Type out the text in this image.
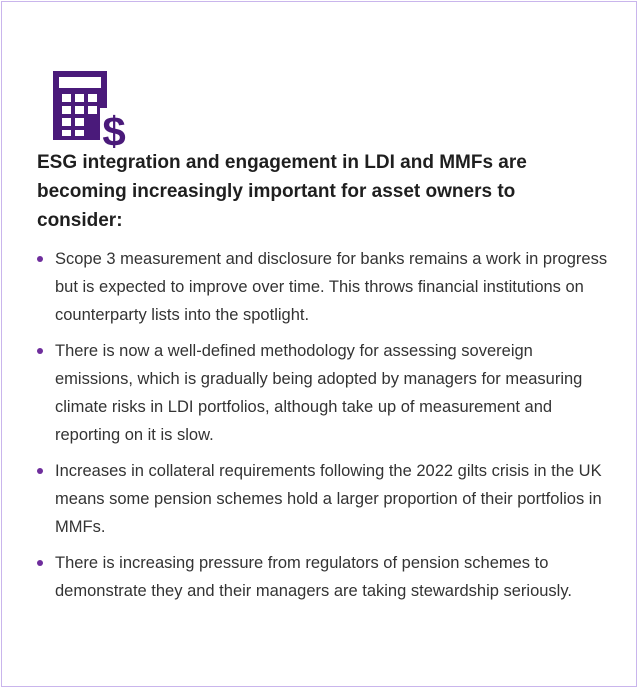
$
ESG integration and engagement in LDI and MMFs are becoming increasingly important for asset owners to consider:
Scope 3 measurement and disclosure for banks remains a work in progress but is expected to improve over time. This throws financial institutions on counterparty lists into the spotlight.
There is now a well-defined methodology for assessing sovereign emissions, which is gradually being adopted by managers for measuring climate risks in LDI portfolios, although take up of measurement and reporting on it is slow.
Increases in collateral requirements following the 2022 gilts crisis in the UK means some pension schemes hold a larger proportion of their portfolios in MMFs.
There is increasing pressure from regulators of pension schemes to demonstrate they and their managers are taking stewardship seriously.
